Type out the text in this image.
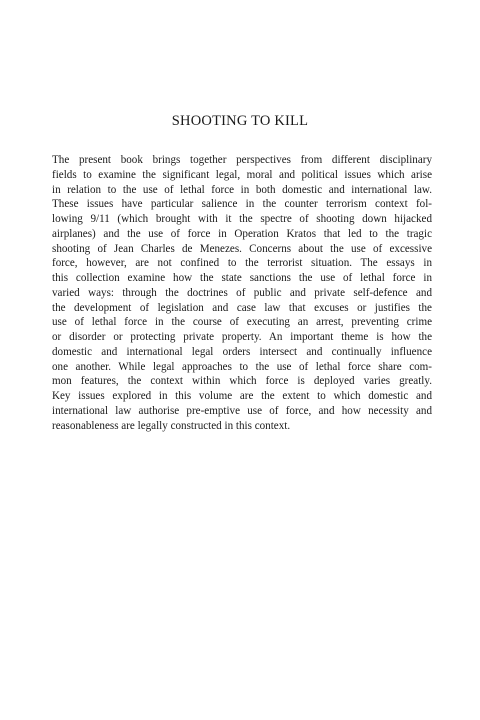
SHOOTING TO KILL
The present book brings together perspectives from different disciplinary
fields to examine the significant legal, moral and political issues which arise
in relation to the use of lethal force in both domestic and international law.
These issues have particular salience in the counter terrorism context fol-
lowing 9/11 (which brought with it the spectre of shooting down hijacked
airplanes) and the use of force in Operation Kratos that led to the tragic
shooting of Jean Charles de Menezes. Concerns about the use of excessive
force, however, are not confined to the terrorist situation. The essays in
this collection examine how the state sanctions the use of lethal force in
varied ways: through the doctrines of public and private self-defence and
the development of legislation and case law that excuses or justifies the
use of lethal force in the course of executing an arrest, preventing crime
or disorder or protecting private property. An important theme is how the
domestic and international legal orders intersect and continually influence
one another. While legal approaches to the use of lethal force share com-
mon features, the context within which force is deployed varies greatly.
Key issues explored in this volume are the extent to which domestic and
international law authorise pre-emptive use of force, and how necessity and
reasonableness are legally constructed in this context.
